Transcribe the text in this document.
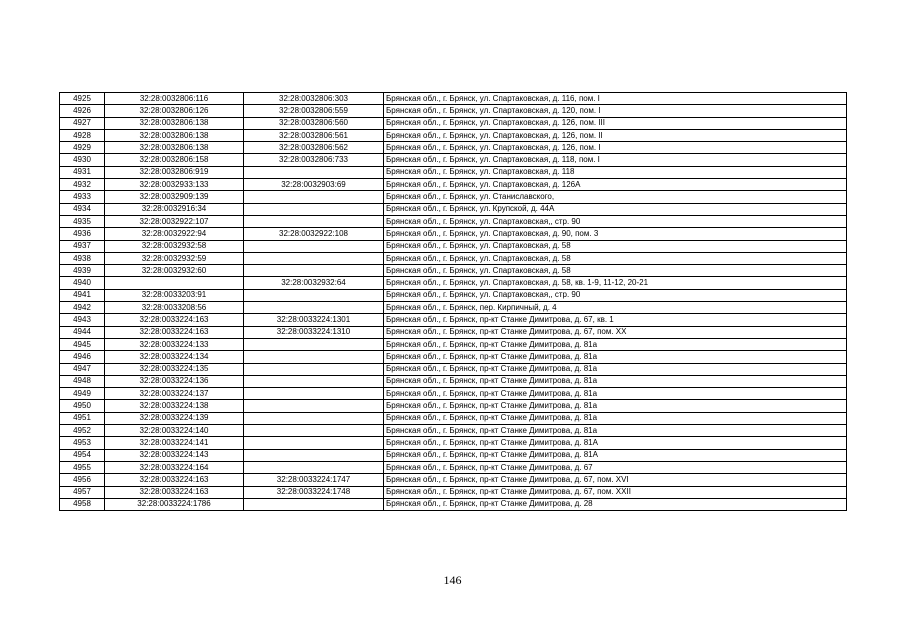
4925	32:28:0032806:116	32:28:0032806:303	Брянская обл., г. Брянск, ул. Спартаковская, д. 116, пом. I
4926	32:28:0032806:126	32:28:0032806:559	Брянская обл., г. Брянск, ул. Спартаковская, д. 120, пом. I
4927	32:28:0032806:138	32:28:0032806:560	Брянская обл., г. Брянск, ул. Спартаковская, д. 126, пом. III
4928	32:28:0032806:138	32:28:0032806:561	Брянская обл., г. Брянск, ул. Спартаковская, д. 126, пом. II
4929	32:28:0032806:138	32:28:0032806:562	Брянская обл., г. Брянск, ул. Спартаковская, д. 126, пом. I
4930	32:28:0032806:158	32:28:0032806:733	Брянская обл., г. Брянск, ул. Спартаковская, д. 118, пом. I
4931	32:28:0032806:919		Брянская обл., г. Брянск, ул. Спартаковская, д. 118
4932	32:28:0032933:133	32:28:0032903:69	Брянская обл., г. Брянск, ул. Спартаковская, д. 126А
4933	32:28:0032909:139		Брянская обл., г. Брянск, ул. Станиславского,
4934	32:28:0032916:34		Брянская обл., г. Брянск, ул. Крупской, д. 44А
4935	32:28:0032922:107		Брянская обл., г. Брянск, ул. Спартаковская,, стр. 90
4936	32:28:0032922:94	32:28:0032922:108	Брянская обл., г. Брянск, ул. Спартаковская, д. 90, пом. 3
4937	32:28:0032932:58		Брянская обл., г. Брянск, ул. Спартаковская, д. 58
4938	32:28:0032932:59		Брянская обл., г. Брянск, ул. Спартаковская, д. 58
4939	32:28:0032932:60		Брянская обл., г. Брянск, ул. Спартаковская, д. 58
4940		32:28:0032932:64	Брянская обл., г. Брянск, ул. Спартаковская, д. 58, кв. 1-9, 11-12, 20-21
4941	32:28:0033203:91		Брянская обл., г. Брянск, ул. Спартаковская,, стр. 90
4942	32:28:0033208:56		Брянская обл., г. Брянск, пер. Кирпичный, д. 4
4943	32:28:0033224:163	32:28:0033224:1301	Брянская обл., г. Брянск, пр-кт Станке Димитрова, д. 67, кв. 1
4944	32:28:0033224:163	32:28:0033224:1310	Брянская обл., г. Брянск, пр-кт Станке Димитрова, д. 67, пом. XX
4945	32:28:0033224:133		Брянская обл., г. Брянск, пр-кт Станке Димитрова, д. 81а
4946	32:28:0033224:134		Брянская обл., г. Брянск, пр-кт Станке Димитрова, д. 81а
4947	32:28:0033224:135		Брянская обл., г. Брянск, пр-кт Станке Димитрова, д. 81а
4948	32:28:0033224:136		Брянская обл., г. Брянск, пр-кт Станке Димитрова, д. 81а
4949	32:28:0033224:137		Брянская обл., г. Брянск, пр-кт Станке Димитрова, д. 81а
4950	32:28:0033224:138		Брянская обл., г. Брянск, пр-кт Станке Димитрова, д. 81а
4951	32:28:0033224:139		Брянская обл., г. Брянск, пр-кт Станке Димитрова, д. 81а
4952	32:28:0033224:140		Брянская обл., г. Брянск, пр-кт Станке Димитрова, д. 81а
4953	32:28:0033224:141		Брянская обл., г. Брянск, пр-кт Станке Димитрова, д. 81А
4954	32:28:0033224:143		Брянская обл., г. Брянск, пр-кт Станке Димитрова, д. 81А
4955	32:28:0033224:164		Брянская обл., г. Брянск, пр-кт Станке Димитрова, д. 67
4956	32:28:0033224:163	32:28:0033224:1747	Брянская обл., г. Брянск, пр-кт Станке Димитрова, д. 67, пом. XVI
4957	32:28:0033224:163	32:28:0033224:1748	Брянская обл., г. Брянск, пр-кт Станке Димитрова, д. 67, пом. XXII
4958	32:28:0033224:1786		Брянская обл., г. Брянск, пр-кт Станке Димитрова, д. 28
146
